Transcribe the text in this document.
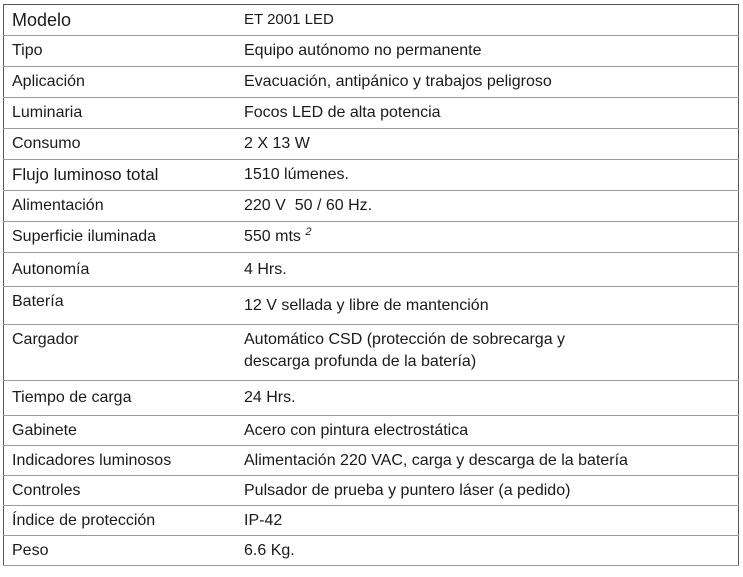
Modelo	ET 2001 LED
Tipo	Equipo autónomo no permanente
Aplicación	Evacuación, antipánico y trabajos peligroso
Luminaria	Focos LED de alta potencia
Consumo	2 X 13 W
Flujo luminoso total	1510 lúmenes.
Alimentación	220 V  50 / 60 Hz.
Superficie iluminada	550 mts $^2$
Autonomía	4 Hrs.
Batería	12 V sellada y libre de mantención
Cargador	Automático CSD (protección de sobrecarga y
descarga profunda de la batería)

Tiempo de carga	24 Hrs.
Gabinete	Acero con pintura electrostática
Indicadores luminosos	Alimentación 220 VAC, carga y descarga de la batería
Controles	Pulsador de prueba y puntero láser (a pedido)
Índice de protección	IP-42
Peso	6.6 Kg.
